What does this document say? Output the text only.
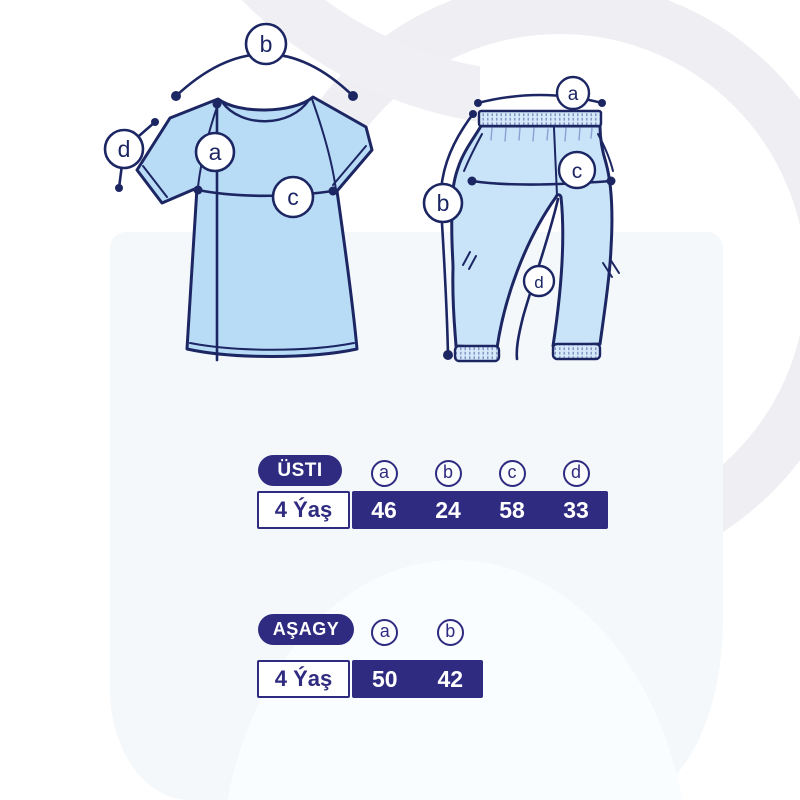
b
a
c
d
a
b
c
d
ÜSTI	a	b	c	d
4 Ýaş	46	24	58	33
AŞAGY	a	b
4 Ýaş	50	42
